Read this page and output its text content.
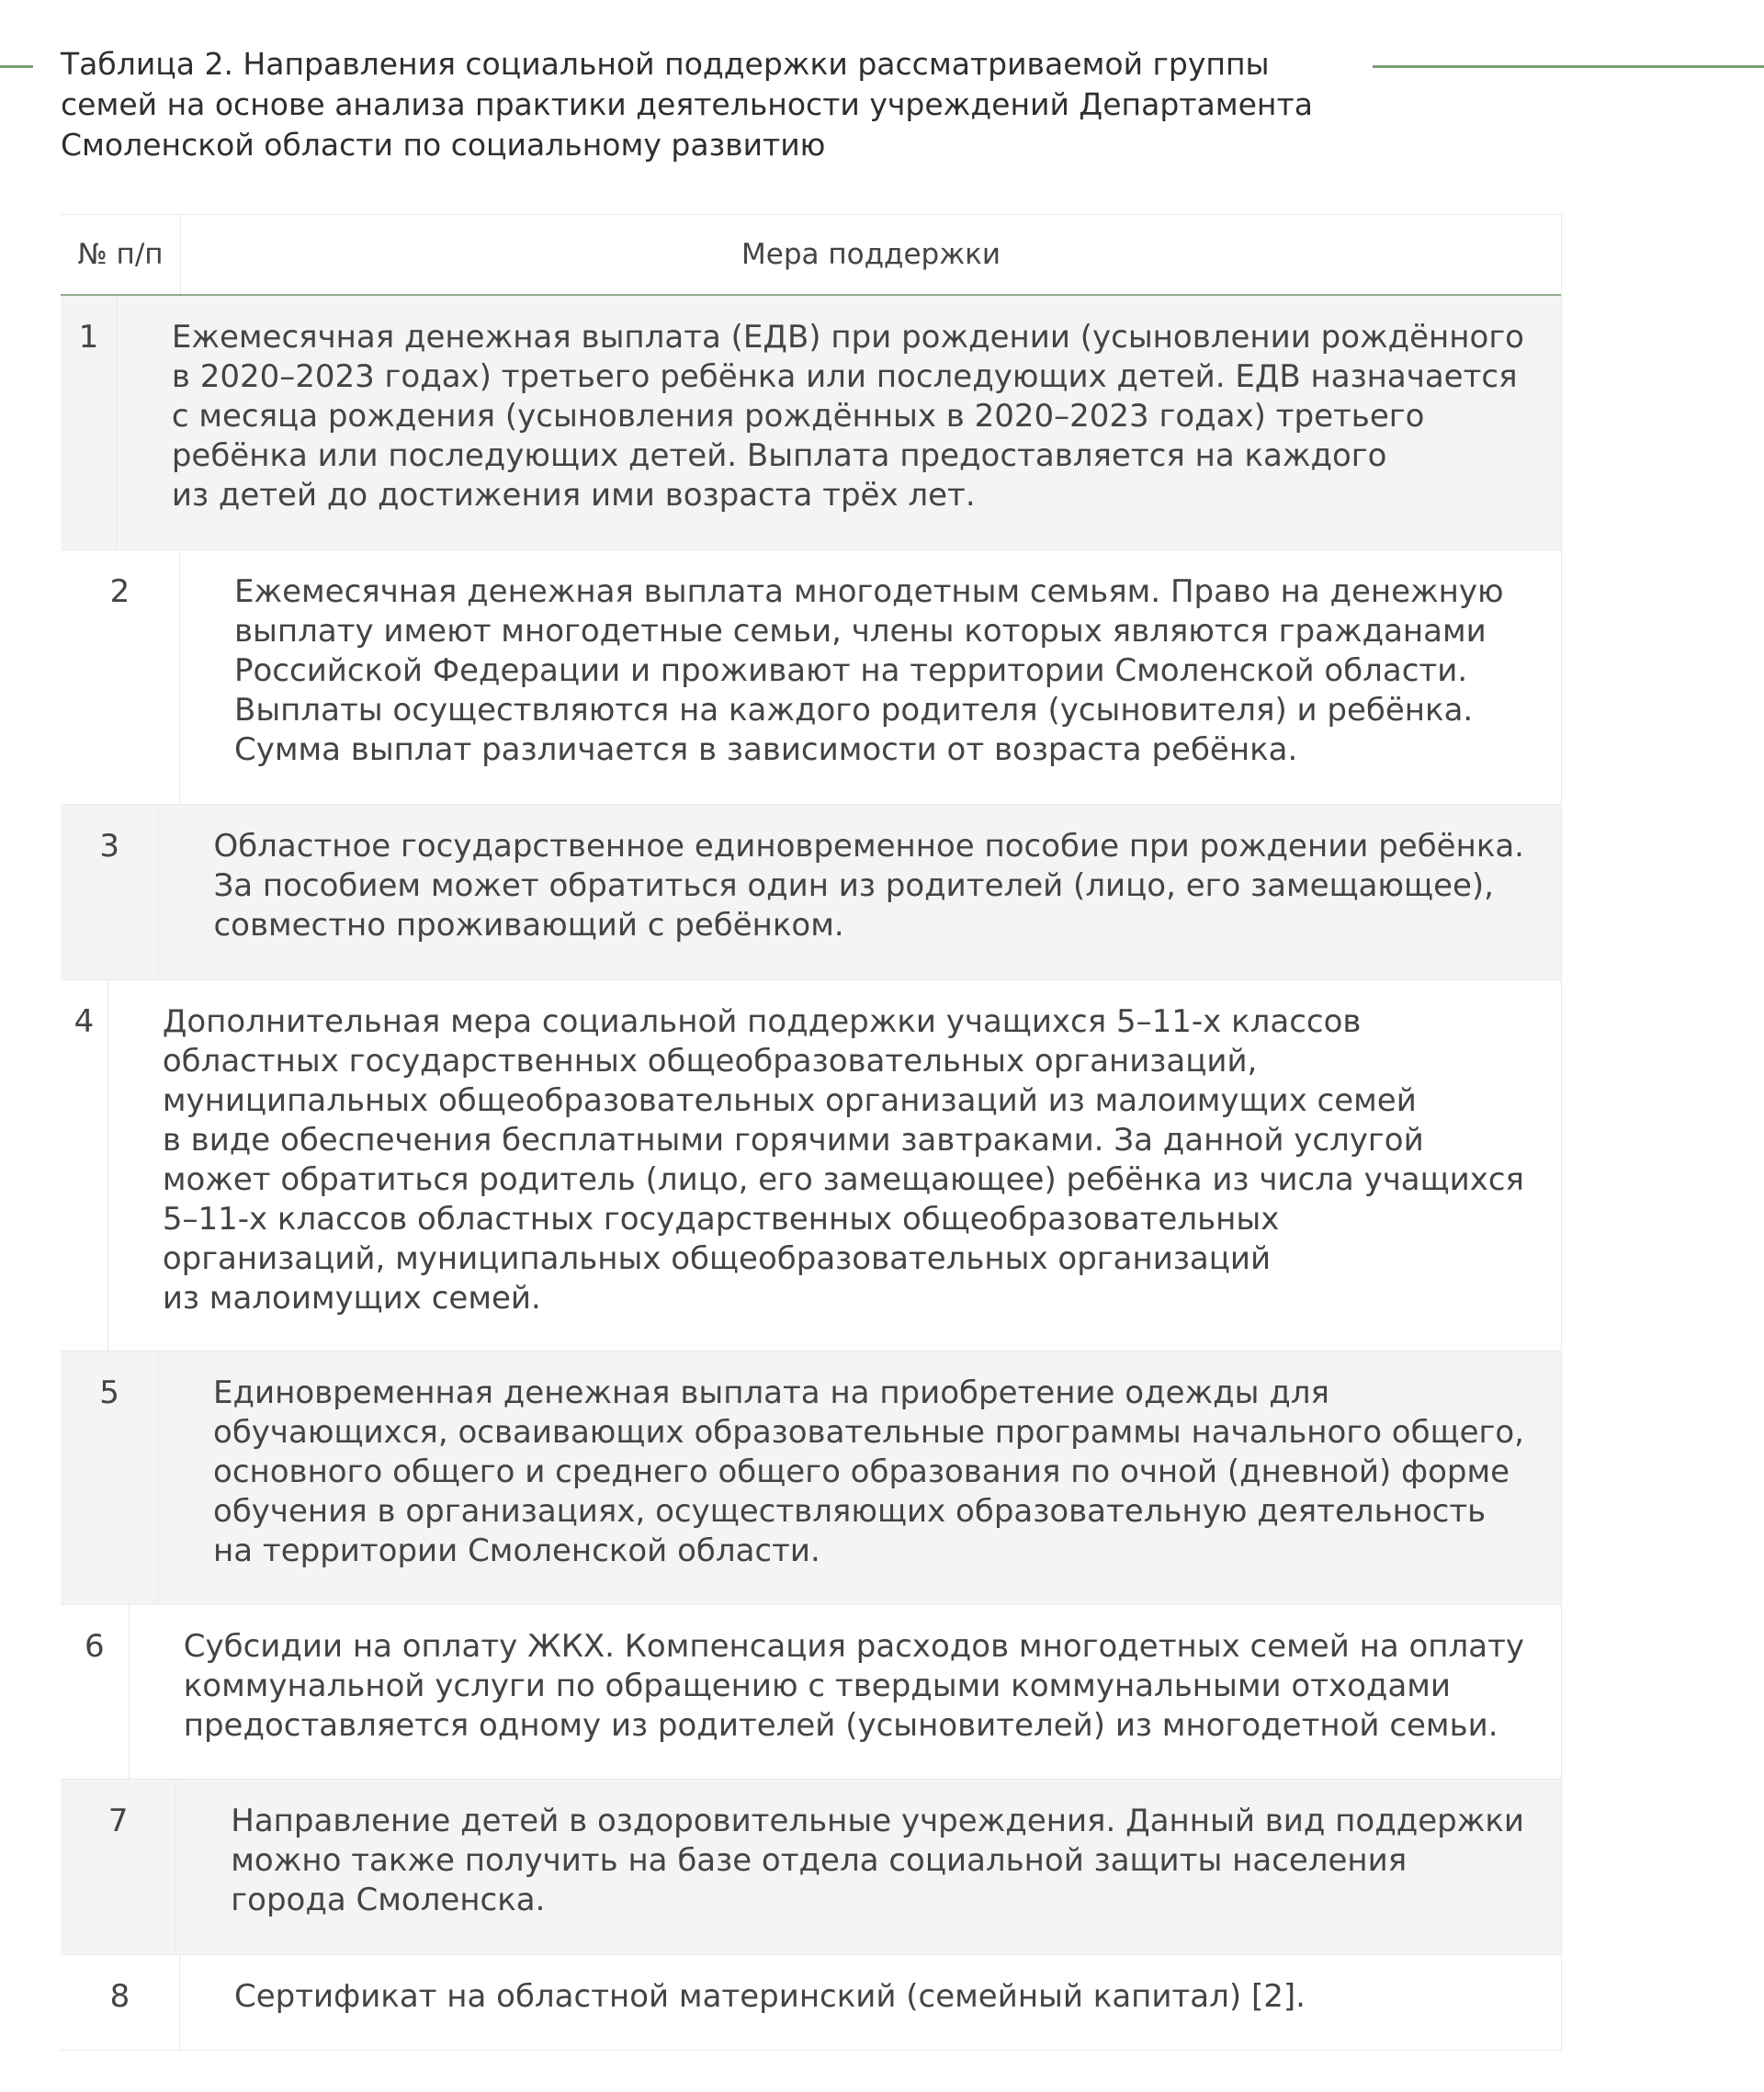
Таблица 2. Направления социальной поддержки рассматриваемой группы
семей на основе анализа практики деятельности учреждений Департамента
Смоленской области по социальному развитию
№ п/п	Мера поддержки
1	Ежемесячная денежная выплата (ЕДВ) при рождении (усыновлении рождённого
в 2020–2023 годах) третьего ребёнка или последующих детей. ЕДВ назначается
с месяца рождения (усыновления рождённых в 2020–2023 годах) третьего
ребёнка или последующих детей. Выплата предоставляется на каждого
из детей до достижения ими возраста трёх лет.
2	Ежемесячная денежная выплата многодетным семьям. Право на денежную
выплату имеют многодетные семьи, члены которых являются гражданами
Российской Федерации и проживают на территории Смоленской области.
Выплаты осуществляются на каждого родителя (усыновителя) и ребёнка.
Сумма выплат различается в зависимости от возраста ребёнка.
3	Областное государственное единовременное пособие при рождении ребёнка.
За пособием может обратиться один из родителей (лицо, его замещающее),
совместно проживающий с ребёнком.
4	Дополнительная мера социальной поддержки учащихся 5–11-х классов
областных государственных общеобразовательных организаций,
муниципальных общеобразовательных организаций из малоимущих семей
в виде обеспечения бесплатными горячими завтраками. За данной услугой
может обратиться родитель (лицо, его замещающее) ребёнка из числа учащихся
5–11-х классов областных государственных общеобразовательных
организаций, муниципальных общеобразовательных организаций
из малоимущих семей.
5	Единовременная денежная выплата на приобретение одежды для
обучающихся, осваивающих образовательные программы начального общего,
основного общего и среднего общего образования по очной (дневной) форме
обучения в организациях, осуществляющих образовательную деятельность
на территории Смоленской области.
6	Субсидии на оплату ЖКХ. Компенсация расходов многодетных семей на оплату
коммунальной услуги по обращению с твердыми коммунальными отходами
предоставляется одному из родителей (усыновителей) из многодетной семьи.
7	Направление детей в оздоровительные учреждения. Данный вид поддержки
можно также получить на базе отдела социальной защиты населения
города Смоленска.
8	Сертификат на областной материнский (семейный капитал) [2].
